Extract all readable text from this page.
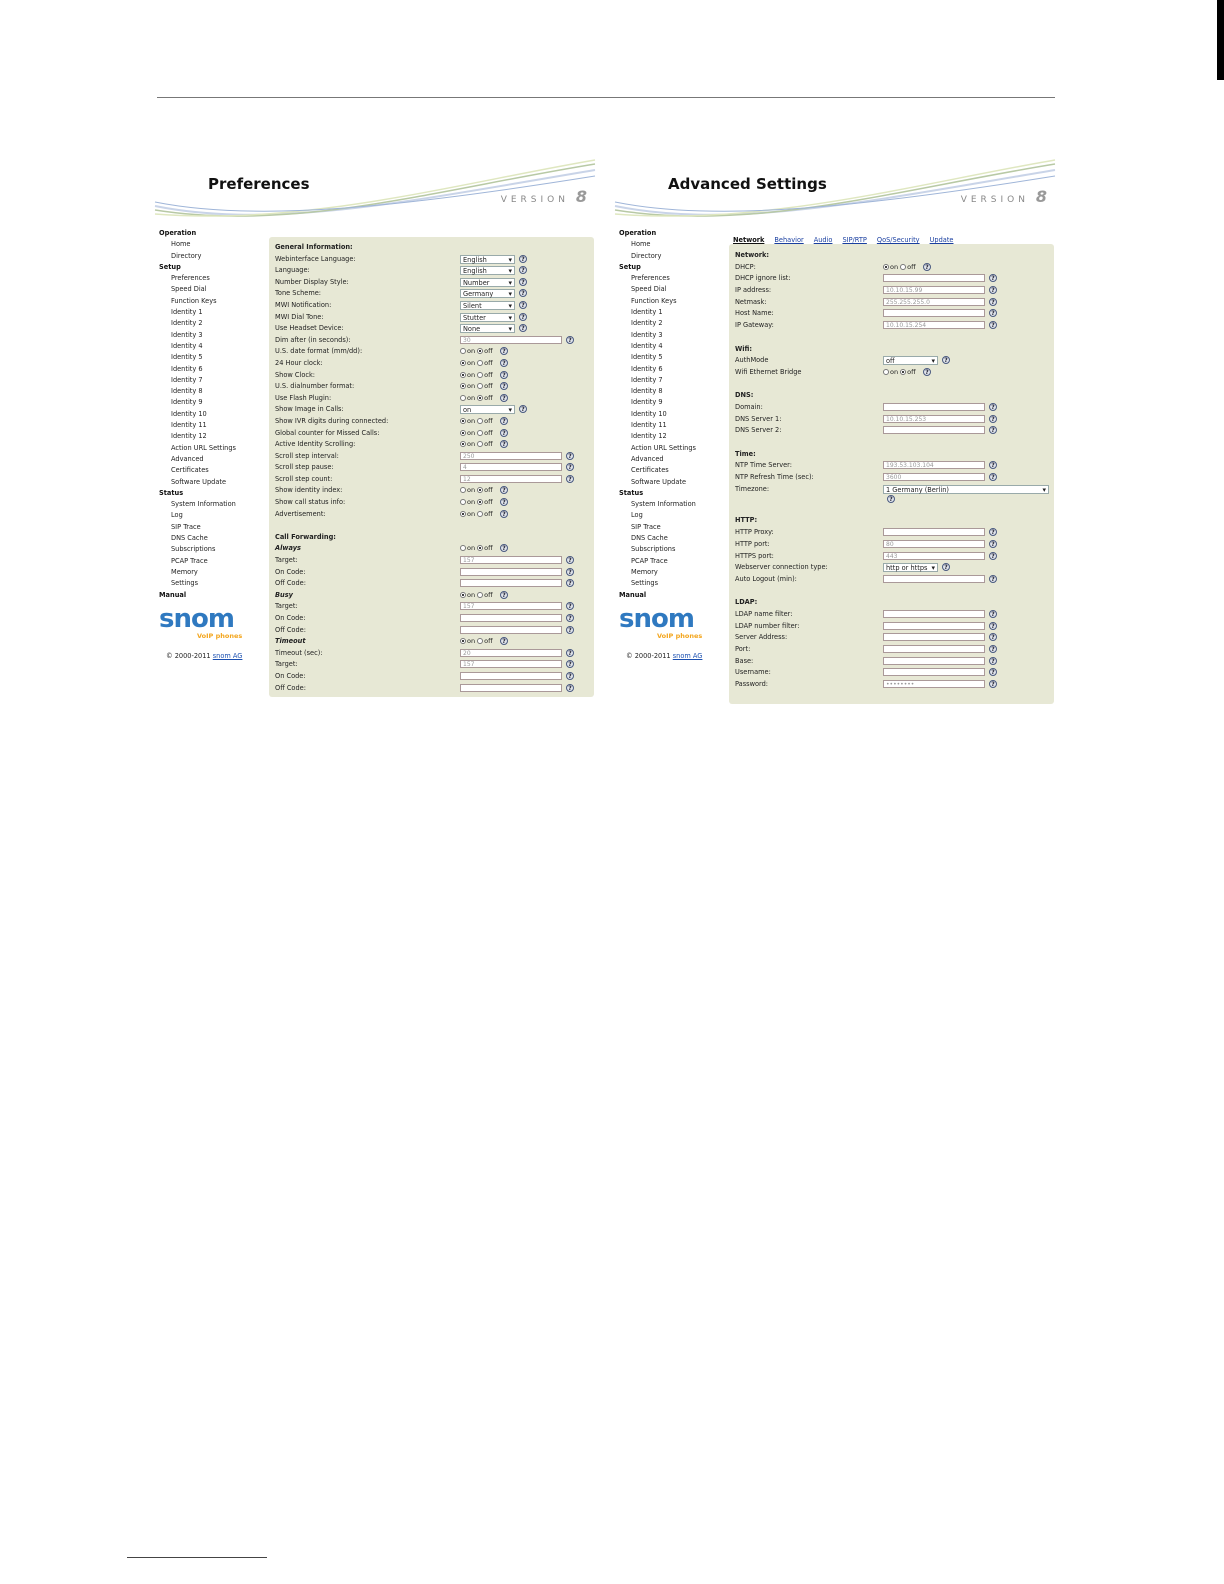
Preferences
VERSION 8
Operation
Home
Directory
Setup
Preferences
Speed Dial
Function Keys
Identity 1
Identity 2
Identity 3
Identity 4
Identity 5
Identity 6
Identity 7
Identity 8
Identity 9
Identity 10
Identity 11
Identity 12
Action URL Settings
Advanced
Certificates
Software Update
Status
System Information
Log
SIP Trace
DNS Cache
Subscriptions
PCAP Trace
Memory
Settings
Manual
snom
VoIP phones
© 2000-2011 snom AG
General Information:
Webinterface Language:	English ▾	?
Language:	English ▾	?
Number Display Style:	Number ▾	?
Tone Scheme:	Germany ▾	?
MWI Notification:	Silent ▾	?
MWI Dial Tone:	Stutter ▾	?
Use Headset Device:	None ▾	?
Dim after (in seconds):	30	?
U.S. date format (mm/dd):	on off	?
24 Hour clock:	on off	?
Show Clock:	on off	?
U.S. dialnumber format:	on off	?
Use Flash Plugin:	on off	?
Show Image in Calls:	on ▾	?
Show IVR digits during connected:	on off	?
Global counter for Missed Calls:	on off	?
Active Identity Scrolling:	on off	?
Scroll step interval:	250	?
Scroll step pause:	4	?
Scroll step count:	12	?
Show identity index:	on off	?
Show call status info:	on off	?
Advertisement:	on off	?
Call Forwarding:
Always	on off	?
Target:	157	?
On Code:	?
Off Code:	?
Busy	on off	?
Target:	157	?
On Code:	?
Off Code:	?
Timeout	on off	?
Timeout (sec):	20	?
Target:	157	?
On Code:	?
Off Code:	?
Advanced Settings
VERSION 8
Operation
Home
Directory
Setup
Preferences
Speed Dial
Function Keys
Identity 1
Identity 2
Identity 3
Identity 4
Identity 5
Identity 6
Identity 7
Identity 8
Identity 9
Identity 10
Identity 11
Identity 12
Action URL Settings
Advanced
Certificates
Software Update
Status
System Information
Log
SIP Trace
DNS Cache
Subscriptions
PCAP Trace
Memory
Settings
Manual
snom
VoIP phones
© 2000-2011 snom AG
Network:
DHCP:	on off	?
DHCP ignore list:	?
IP address:	10.10.15.99	?
Netmask:	255.255.255.0	?
Host Name:	?
IP Gateway:	10.10.15.254	?
Wifi:
AuthMode	off ▾	?
Wifi Ethernet Bridge	on off	?
DNS:
Domain:	?
DNS Server 1:	10.10.15.253	?
DNS Server 2:	?
Time:
NTP Time Server:	193.53.103.104	?
NTP Refresh Time (sec):	3600	?
Timezone:	1 Germany (Berlin) ▾
?
HTTP:
HTTP Proxy:	?
HTTP port:	80	?
HTTPS port:	443	?
Webserver connection type:	http or https ▾	?
Auto Logout (min):	?
LDAP:
LDAP name filter:	?
LDAP number filter:	?
Server Address:	?
Port:	?
Base:	?
Username:	?
Password:	••••••••	?
Network Behavior Audio SIP/RTP QoS/Security Update
